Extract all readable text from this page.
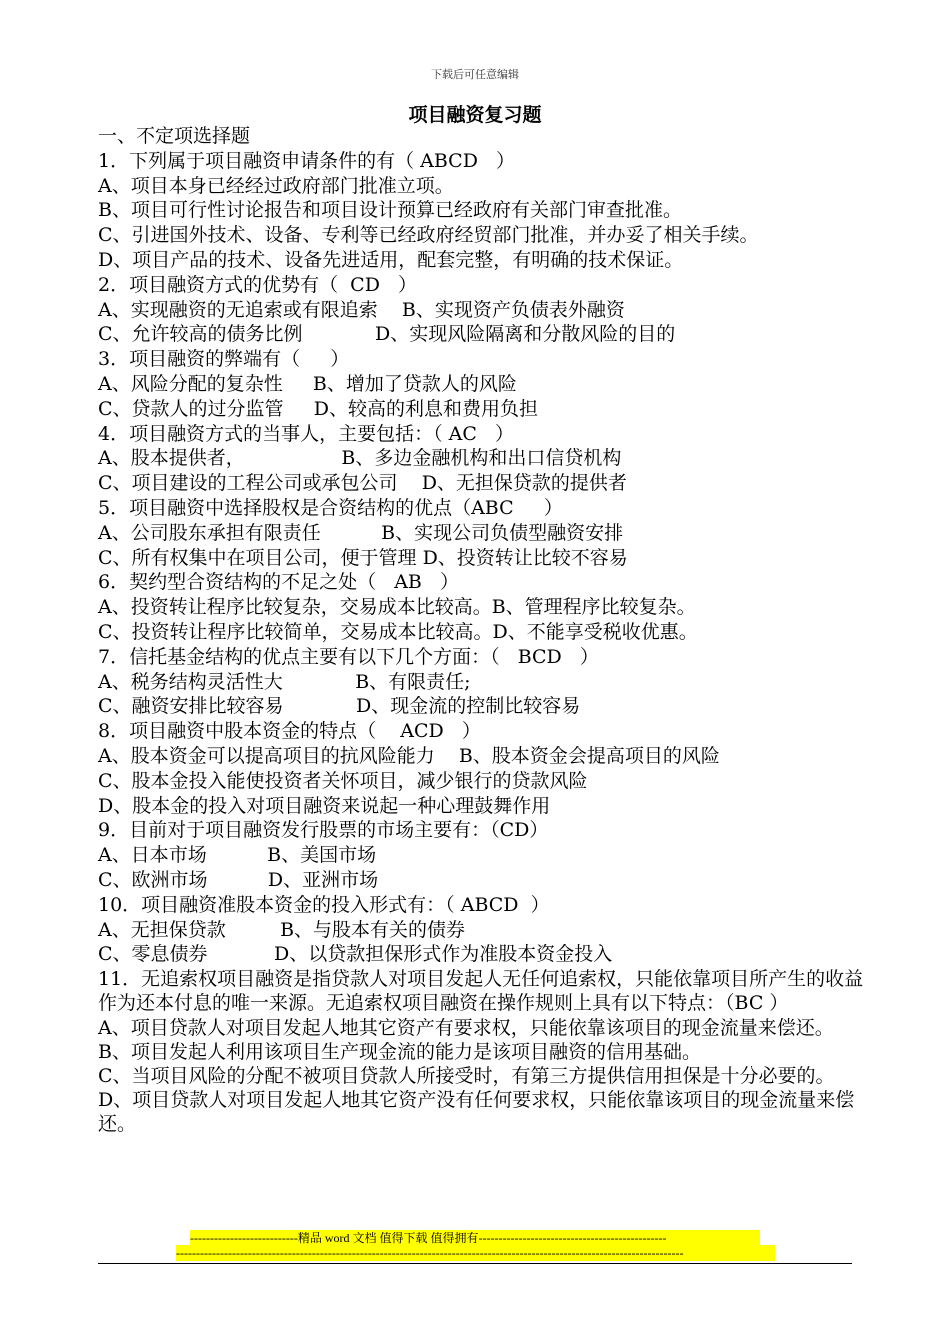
下载后可任意编辑
项目融资复习题

一、不定项选择题

1．下列属于项目融资申请条件的有（ ABCD   ）

A、项目本身已经经过政府部门批准立项。

B、项目可行性讨论报告和项目设计预算已经政府有关部门审查批准。

C、引进国外技术、设备、专利等已经政府经贸部门批准，并办妥了相关手续。

D、项目产品的技术、设备先进适用，配套完整，有明确的技术保证。

2．项目融资方式的优势有（  CD   ）

A、实现融资的无追索或有限追索    B、实现资产负债表外融资

C、允许较高的债务比例            D、实现风险隔离和分散风险的目的

3．项目融资的弊端有（     ）

A、风险分配的复杂性     B、增加了贷款人的风险

C、贷款人的过分监管     D、较高的利息和费用负担

4．项目融资方式的当事人，主要包括：（ AC   ）

A、股本提供者，                B、多边金融机构和出口信贷机构

C、项目建设的工程公司或承包公司    D、无担保贷款的提供者

5．项目融资中选择股权是合资结构的优点（ABC     ）

A、公司股东承担有限责任          B、实现公司负债型融资安排

C、所有权集中在项目公司，便于管理 D、投资转让比较不容易

6．契约型合资结构的不足之处（   AB   ）

A、投资转让程序比较复杂，交易成本比较高。B、管理程序比较复杂。

C、投资转让程序比较简单，交易成本比较高。D、不能享受税收优惠。

7．信托基金结构的优点主要有以下几个方面：（   BCD   ）

A、税务结构灵活性大            B、有限责任;

C、融资安排比较容易            D、现金流的控制比较容易

8．项目融资中股本资金的特点（    ACD   ）

A、股本资金可以提高项目的抗风险能力    B、股本资金会提高项目的风险

C、股本金投入能使投资者关怀项目，减少银行的贷款风险

D、股本金的投入对项目融资来说起一种心理鼓舞作用

9．目前对于项目融资发行股票的市场主要有：（CD）

A、日本市场          B、美国市场

C、欧洲市场          D、亚洲市场

10．项目融资准股本资金的投入形式有：（ ABCD  ）

A、无担保贷款         B、与股本有关的债券

C、零息债券           D、以贷款担保形式作为准股本资金投入

11．无追索权项目融资是指贷款人对项目发起人无任何追索权，只能依靠项目所产生的收益作为还本付息的唯一来源。无追索权项目融资在操作规则上具有以下特点：（BC ）

A、项目贷款人对项目发起人地其它资产有要求权，只能依靠该项目的现金流量来偿还。

B、项目发起人利用该项目生产现金流的能力是该项目融资的信用基础。

C、当项目风险的分配不被项目贷款人所接受时，有第三方提供信用担保是十分必要的。

D、项目贷款人对项目发起人地其它资产没有任何要求权，只能依靠该项目的现金流量来偿还。

---------------------------精品 word 文档 值得下载 值得拥有-----------------------------------------------
-------------------------------------------------------------------------------------------------------------------------------
